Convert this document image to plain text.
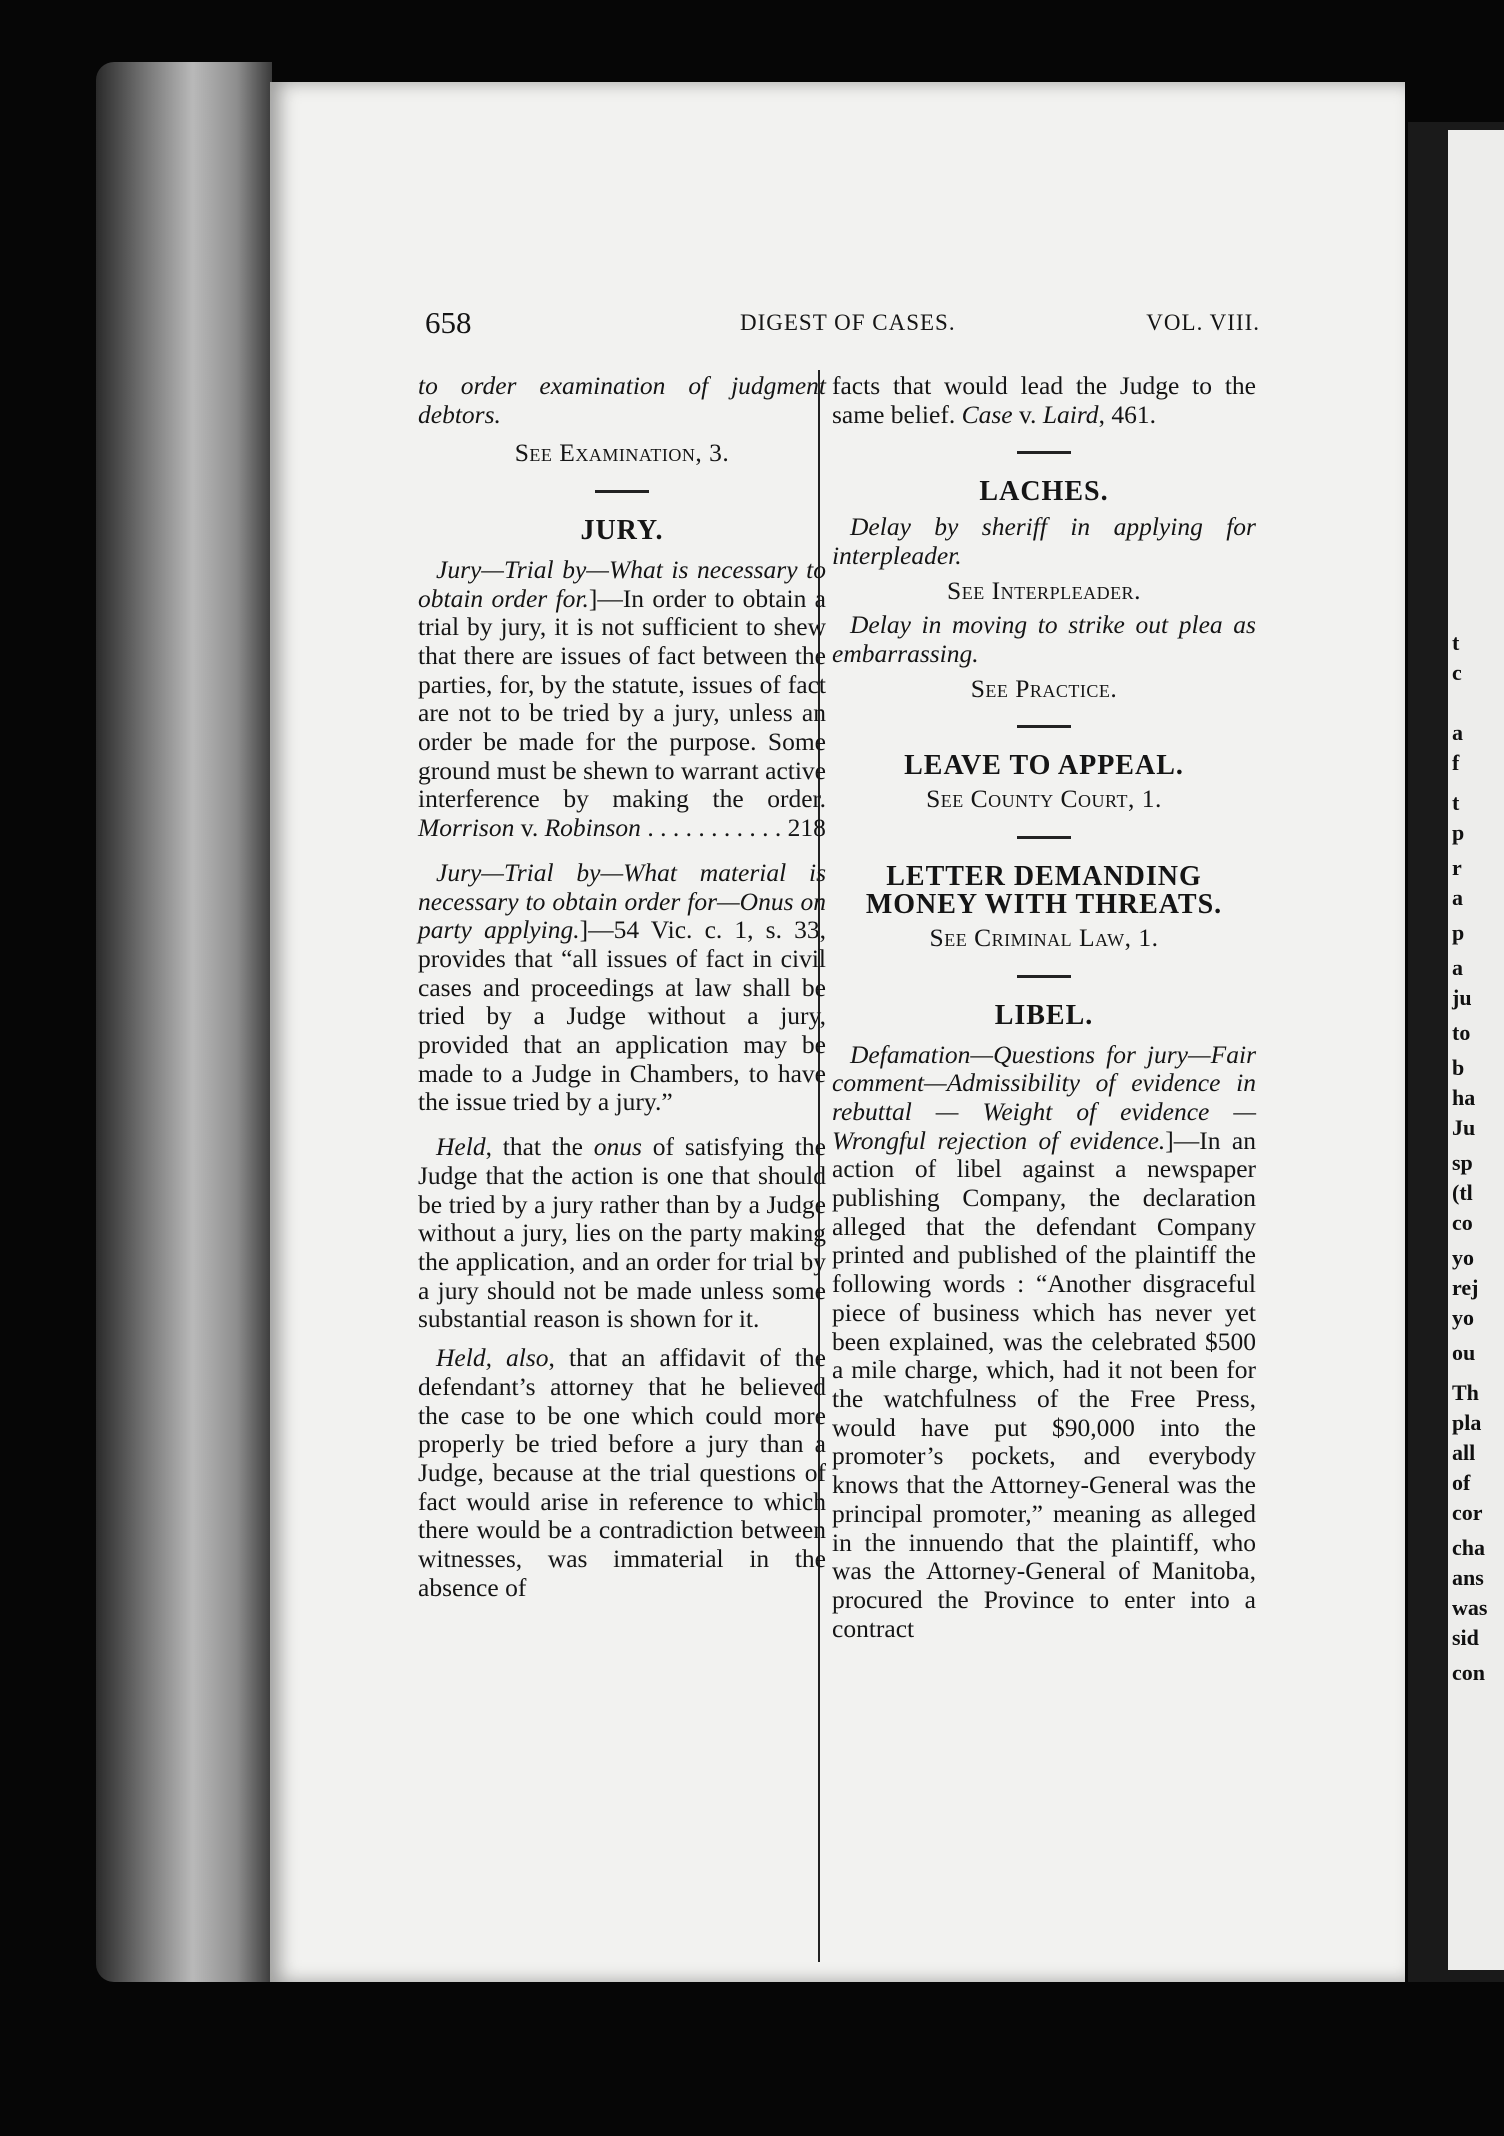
t
c
a
f
t
p
r
a
p
a
ju
to
b
ha
Ju
sp
(tl
co
yo
rej
yo
ou
Th
pla
all
of
cor
cha
ans
was
sid
con
658	DIGEST OF CASES.	VOL. VIII.

to order examination of judgment debtors.

See Examination, 3.

JURY.

Jury—Trial by—What is necessary to obtain order for.]—In order to obtain a trial by jury, it is not sufficient to shew that there are issues of fact between the parties, for, by the statute, issues of fact are not to be tried by a jury, unless an order be made for the purpose. Some ground must be shewn to warrant active interference by making the order. Morrison v. Robinson . . . . . . . . . . . 218

Jury—Trial by—What material is necessary to obtain order for—Onus on party applying.]—54 Vic. c. 1, s. 33, provides that “all issues of fact in civil cases and proceedings at law shall be tried by a Judge without a jury, provided that an application may be made to a Judge in Chambers, to have the issue tried by a jury.”

Held, that the onus of satisfying the Judge that the action is one that should be tried by a jury rather than by a Judge without a jury, lies on the party making the application, and an order for trial by a jury should not be made unless some substantial reason is shown for it.

Held, also, that an affidavit of the defendant’s attorney that he believed the case to be one which could more properly be tried before a jury than a Judge, because at the trial questions of fact would arise in reference to which there would be a contradiction between witnesses, was immaterial in the absence of

facts that would lead the Judge to the same belief. Case v. Laird, 461.

LACHES.

Delay by sheriff in applying for interpleader.

See Interpleader.

Delay in moving to strike out plea as embarrassing.

See Practice.

LEAVE TO APPEAL.

See County Court, 1.

LETTER DEMANDING MONEY WITH THREATS.

See Criminal Law, 1.

LIBEL.

Defamation—Questions for jury—Fair comment—Admissibility of evidence in rebuttal — Weight of evidence — Wrongful rejection of evidence.]—In an action of libel against a newspaper publishing Company, the declaration alleged that the defendant Company printed and published of the plaintiff the following words : “Another disgraceful piece of business which has never yet been explained, was the celebrated $500 a mile charge, which, had it not been for the watchfulness of the Free Press, would have put $90,000 into the promoter’s pockets, and everybody knows that the Attorney-General was the principal promoter,” meaning as alleged in the innuendo that the plaintiff, who was the Attorney-General of Manitoba, procured the Province to enter into a contract
